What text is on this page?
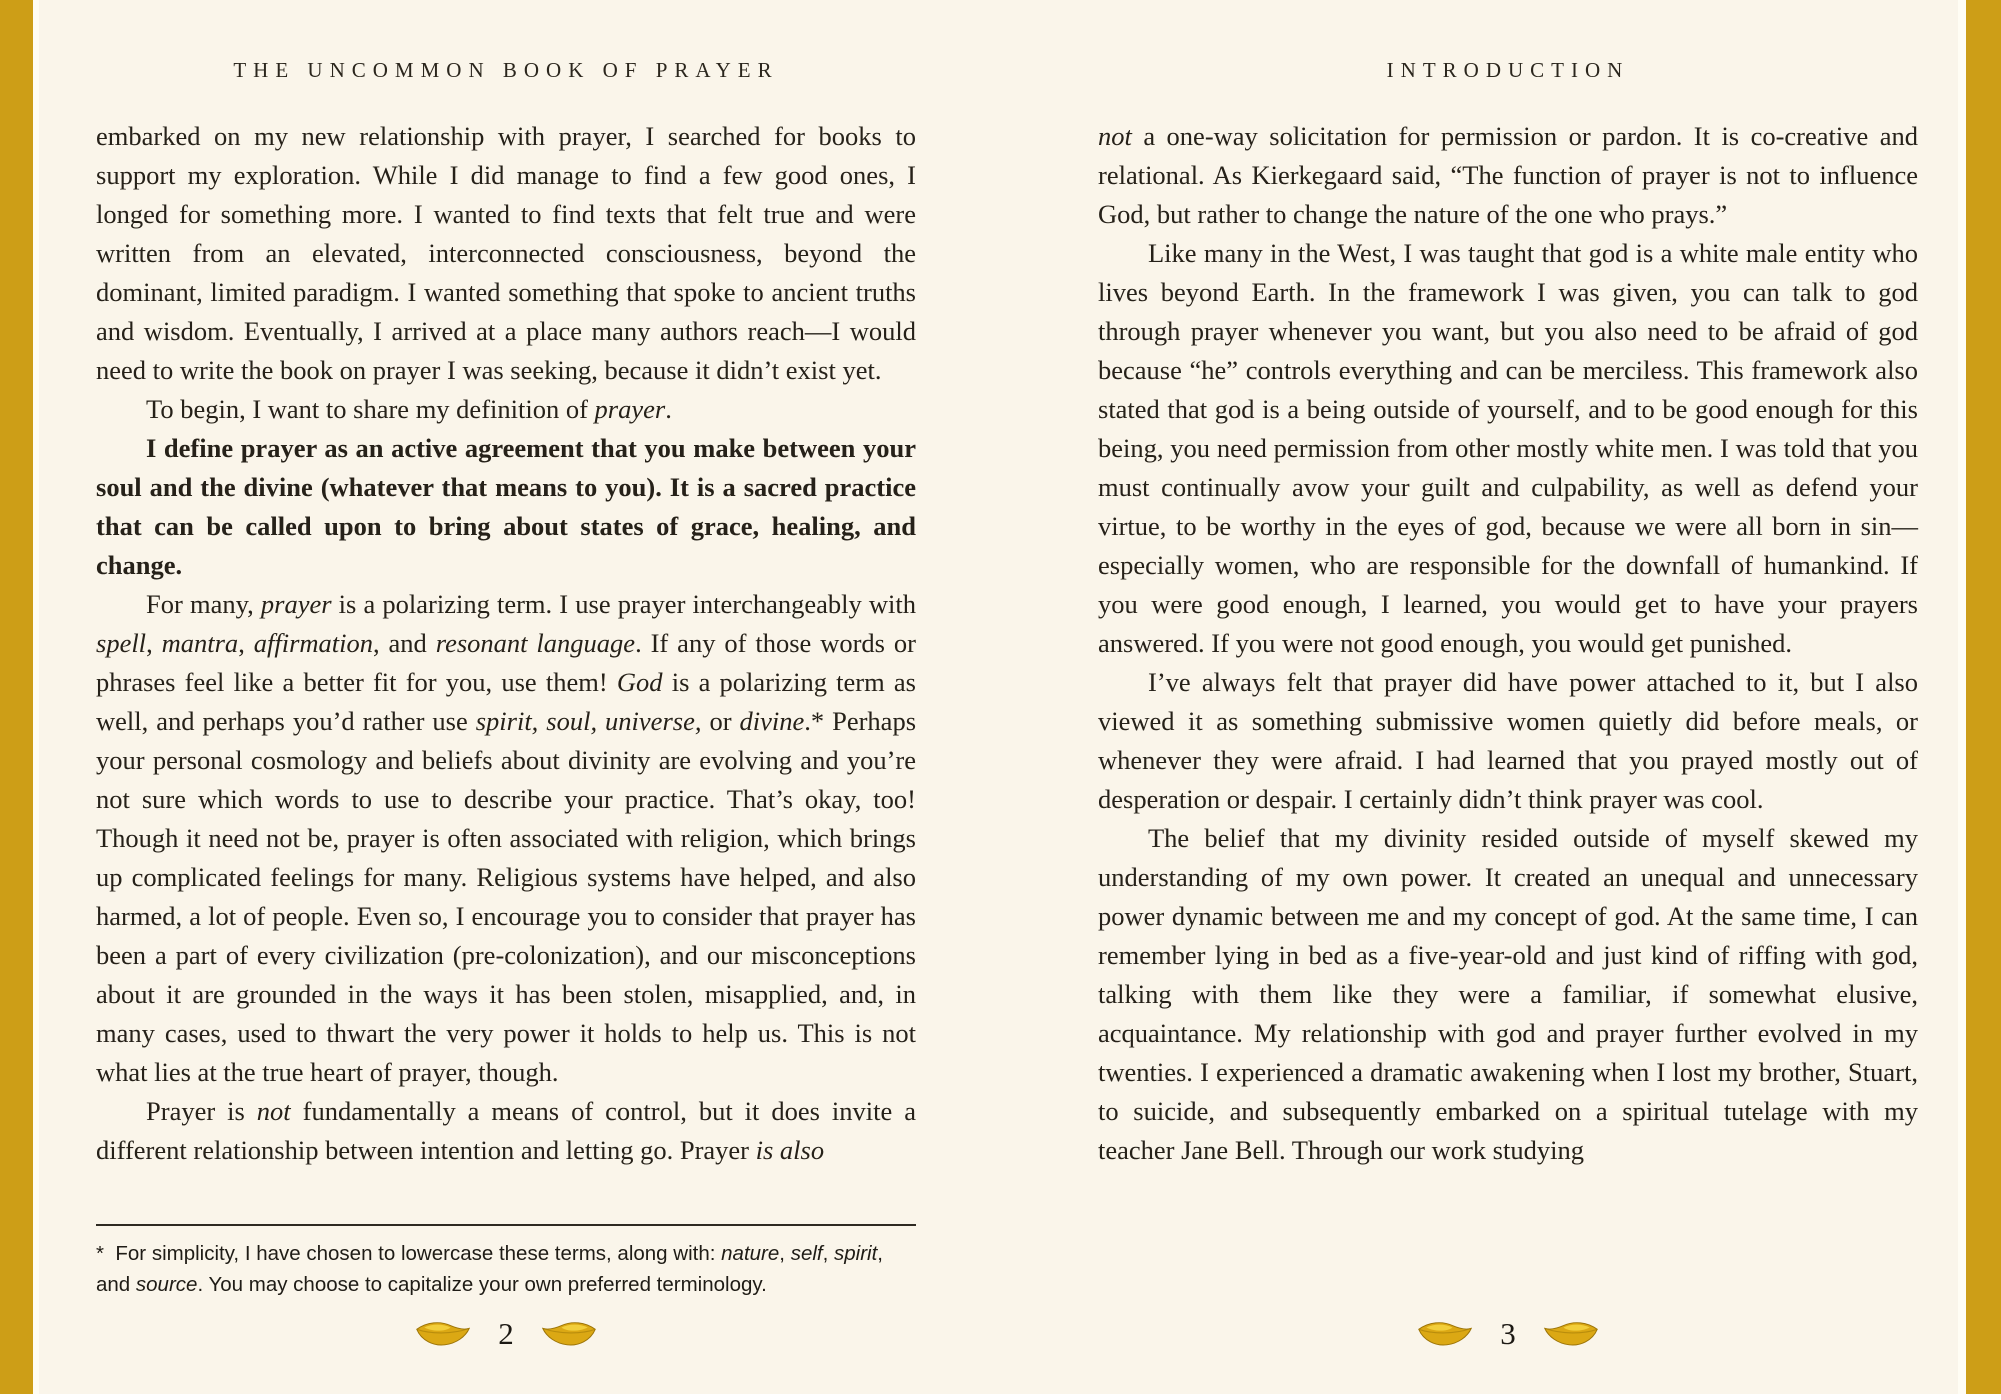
THE UNCOMMON BOOK OF PRAYER

embarked on my new relationship with prayer, I searched for books to support my exploration. While I did manage to find a few good ones, I longed for something more. I wanted to find texts that felt true and were written from an elevated, interconnected consciousness, beyond the dominant, limited paradigm. I wanted something that spoke to ancient truths and wisdom. Eventually, I arrived at a place many authors reach—I would need to write the book on prayer I was seeking, because it didn’t exist yet.

To begin, I want to share my definition of prayer.

I define prayer as an active agreement that you make between your soul and the divine (whatever that means to you). It is a sacred practice that can be called upon to bring about states of grace, healing, and change.

For many, prayer is a polarizing term. I use prayer interchangeably with spell, mantra, affirmation, and resonant language. If any of those words or phrases feel like a better fit for you, use them! God is a polarizing term as well, and perhaps you’d rather use spirit, soul, universe, or divine.* Perhaps your personal cosmology and beliefs about divinity are evolving and you’re not sure which words to use to describe your practice. That’s okay, too! Though it need not be, prayer is often associated with religion, which brings up complicated feelings for many. Religious systems have helped, and also harmed, a lot of people. Even so, I encourage you to consider that prayer has been a part of every civilization (pre-colonization), and our misconceptions about it are grounded in the ways it has been stolen, misapplied, and, in many cases, used to thwart the very power it holds to help us. This is not what lies at the true heart of prayer, though.

Prayer is not fundamentally a means of control, but it does invite a different relationship between intention and letting go. Prayer is also

*  For simplicity, I have chosen to lowercase these terms, along with: nature, self, spirit, and source. You may choose to capitalize your own preferred terminology.

2
INTRODUCTION

not a one-way solicitation for permission or pardon. It is co-creative and relational. As Kierkegaard said, “The function of prayer is not to influence God, but rather to change the nature of the one who prays.”

Like many in the West, I was taught that god is a white male entity who lives beyond Earth. In the framework I was given, you can talk to god through prayer whenever you want, but you also need to be afraid of god because “he” controls everything and can be merciless. This framework also stated that god is a being outside of yourself, and to be good enough for this being, you need permission from other mostly white men. I was told that you must continually avow your guilt and culpability, as well as defend your virtue, to be worthy in the eyes of god, because we were all born in sin—especially women, who are responsible for the downfall of humankind. If you were good enough, I learned, you would get to have your prayers answered. If you were not good enough, you would get punished.

I’ve always felt that prayer did have power attached to it, but I also viewed it as something submissive women quietly did before meals, or whenever they were afraid. I had learned that you prayed mostly out of desperation or despair. I certainly didn’t think prayer was cool.

The belief that my divinity resided outside of myself skewed my understanding of my own power. It created an unequal and unnecessary power dynamic between me and my concept of god. At the same time, I can remember lying in bed as a five-year-old and just kind of riffing with god, talking with them like they were a familiar, if somewhat elusive, acquaintance. My relationship with god and prayer further evolved in my twenties. I experienced a dramatic awakening when I lost my brother, Stuart, to suicide, and subsequently embarked on a spiritual tutelage with my teacher Jane Bell. Through our work studying

3
